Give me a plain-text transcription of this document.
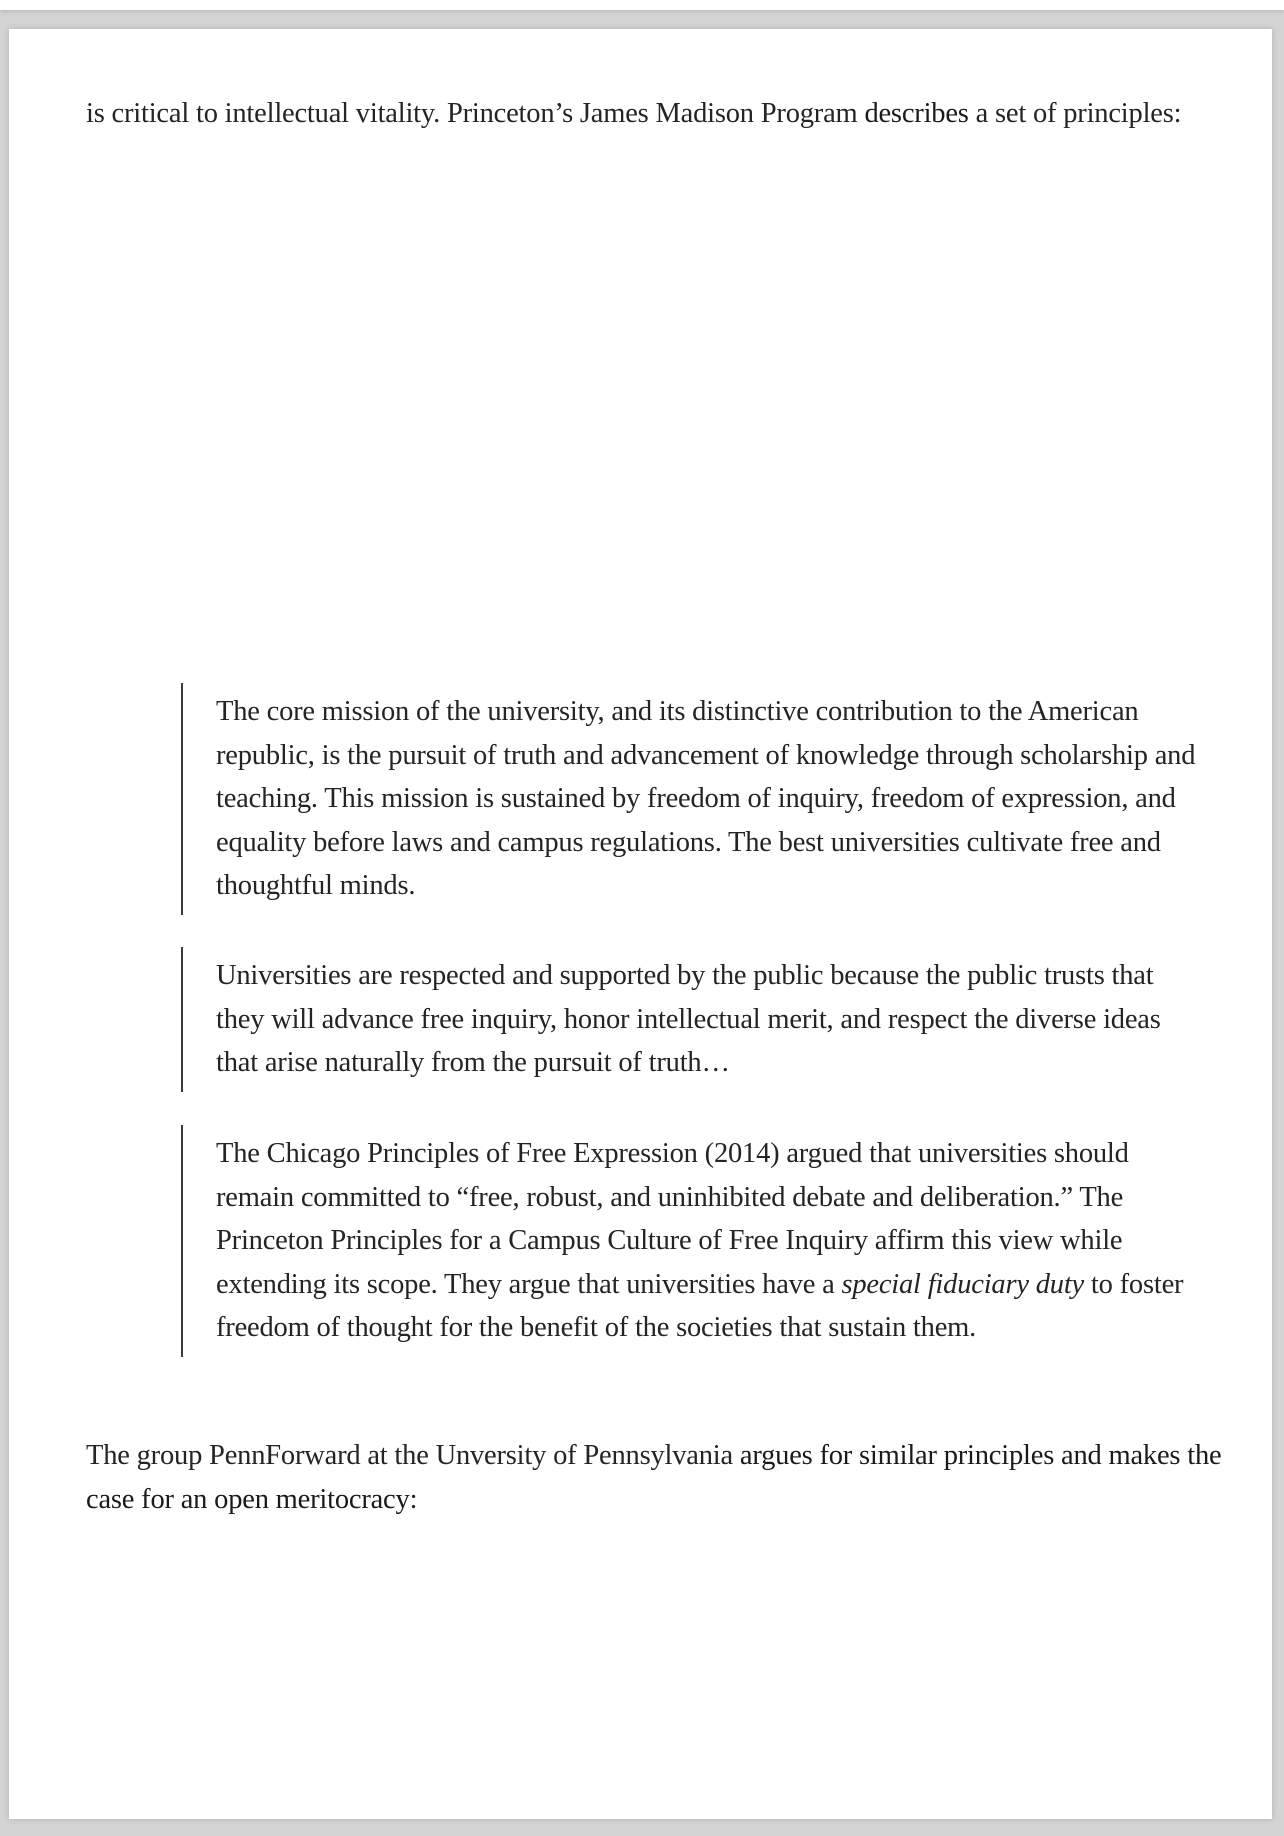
is critical to intellectual vitality. Princeton’s James Madison Program describes a set of principles:

The core mission of the university, and its distinctive contribution to the American republic, is the pursuit of truth and advancement of knowledge through scholarship and teaching. This mission is sustained by freedom of inquiry, freedom of expression, and equality before laws and campus regulations. The best universities cultivate free and thoughtful minds.

Universities are respected and supported by the public because the public trusts that they will advance free inquiry, honor intellectual merit, and respect the diverse ideas that arise naturally from the pursuit of truth…

The Chicago Principles of Free Expression (2014) argued that universities should remain committed to “free, robust, and uninhibited debate and deliberation.” The Princeton Principles for a Campus Culture of Free Inquiry affirm this view while extending its scope. They argue that universities have a special fiduciary duty to foster freedom of thought for the benefit of the societies that sustain them.

The group PennForward at the Unversity of Pennsylvania argues for similar principles and makes the case for an open meritocracy:
